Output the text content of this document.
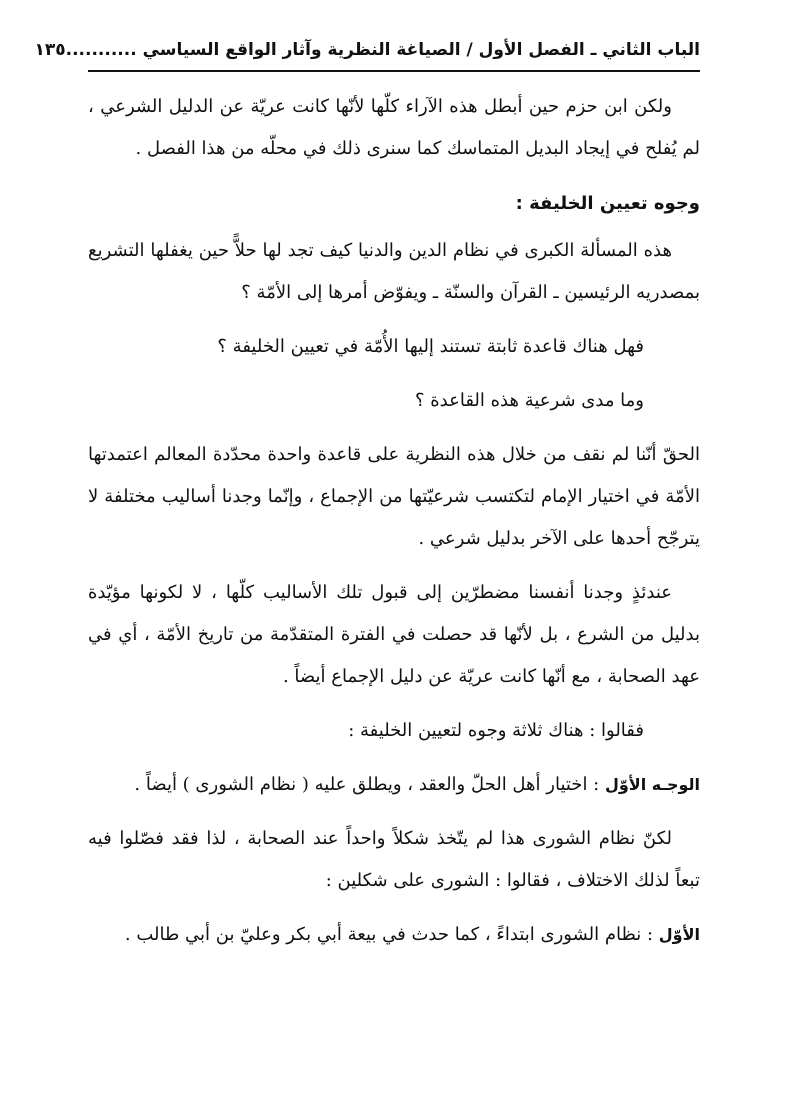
الباب الثاني ـ الفصل الأول / الصياغة النظرية وآثار الواقع السياسي ...........
١٣٥

ولكن ابن حزم حين أبطل هذه الآراء كلّها لأنّها كانت عريّة عن الدليل الشرعي ، لم يُفلح في إيجاد البديل المتماسك كما سنرى ذلك في محلّه من هذا الفصل .

وجوه تعيين الخليفة :

هذه المسألة الكبرى في نظام الدين والدنيا كيف تجد لها حلاًّ حين يغفلها التشريع بمصدريه الرئيسين ـ القرآن والسنّة ـ ويفوّض أمرها إلى الأمّة ؟

فهل هناك قاعدة ثابتة تستند إليها الأُمّة في تعيين الخليفة ؟

وما مدى شرعية هذه القاعدة ؟

الحقّ أنّنا لم نقف من خلال هذه النظرية على قاعدة واحدة محدّدة المعالم اعتمدتها الأمّة في اختيار الإمام لتكتسب شرعيّتها من الإجماع ، وإنّما وجدنا أساليب مختلفة لا يترجّح أحدها على الآخر بدليل شرعي .

عندئذٍ وجدنا أنفسنا مضطرّين إلى قبول تلك الأساليب كلّها ، لا لكونها مؤيّدة بدليل من الشرع ، بل لأنّها قد حصلت في الفترة المتقدّمة من تاريخ الأمّة ، أي في عهد الصحابة ، مع أنّها كانت عريّة عن دليل الإجماع أيضاً .

فقالوا : هناك ثلاثة وجوه لتعيين الخليفة :

الوجـه الأوّل : اختيار أهل الحلّ والعقد ، ويطلق عليه ( نظام الشورى ) أيضاً .

لكنّ نظام الشورى هذا لم يتّخذ شكلاً واحداً عند الصحابة ، لذا فقد فصّلوا فيه تبعاً لذلك الاختلاف ، فقالوا : الشورى على شكلين :

الأوّل : نظام الشورى ابتداءً ، كما حدث في بيعة أبي بكر وعليّ بن أبي طالب .
